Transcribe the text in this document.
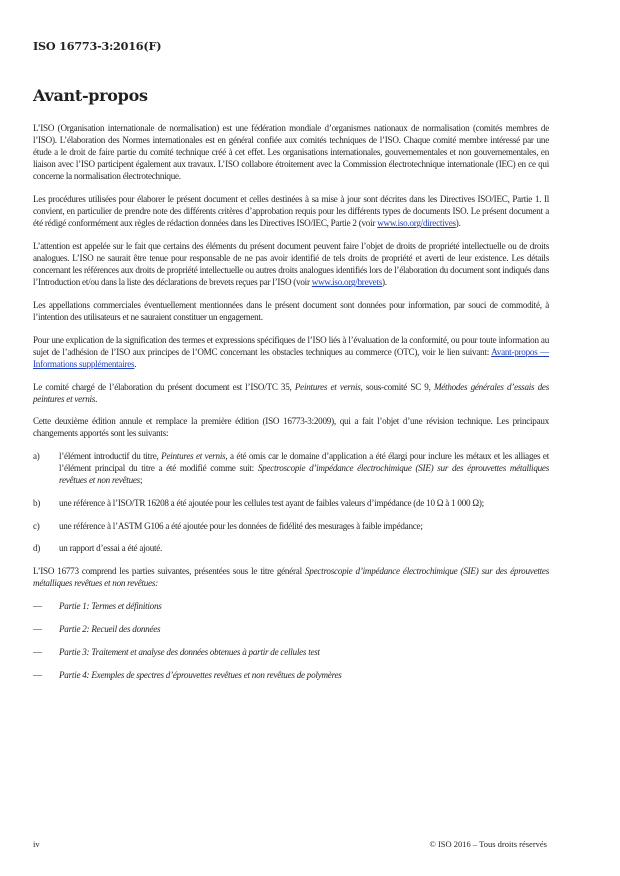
ISO 16773-3:2016(F)
Avant-propos

L’ISO (Organisation internationale de normalisation) est une fédération mondiale d’organismes nationaux de normalisation (comités membres de l’ISO). L’élaboration des Normes internationales est en général confiée aux comités techniques de l’ISO. Chaque comité membre intéressé par une étude a le droit de faire partie du comité technique créé à cet effet. Les organisations internationales, gouvernementales et non gouvernementales, en liaison avec l’ISO participent également aux travaux. L’ISO collabore étroitement avec la Commission électrotechnique internationale (IEC) en ce qui concerne la normalisation électrotechnique.

Les procédures utilisées pour élaborer le présent document et celles destinées à sa mise à jour sont décrites dans les Directives ISO/IEC, Partie 1. Il convient, en particulier de prendre note des différents critères d’approbation requis pour les différents types de documents ISO. Le présent document a été rédigé conformément aux règles de rédaction données dans les Directives ISO/IEC, Partie 2 (voir www.iso.org/directives).

L’attention est appelée sur le fait que certains des éléments du présent document peuvent faire l’objet de droits de propriété intellectuelle ou de droits analogues. L’ISO ne saurait être tenue pour responsable de ne pas avoir identifié de tels droits de propriété et averti de leur existence. Les détails concernant les références aux droits de propriété intellectuelle ou autres droits analogues identifiés lors de l’élaboration du document sont indiqués dans l’Introduction et/ou dans la liste des déclarations de brevets reçues par l’ISO (voir www.iso.org/brevets).

Les appellations commerciales éventuellement mentionnées dans le présent document sont données pour information, par souci de commodité, à l’intention des utilisateurs et ne sauraient constituer un engagement.

Pour une explication de la signification des termes et expressions spécifiques de l’ISO liés à l’évaluation de la conformité, ou pour toute information au sujet de l’adhésion de l’ISO aux principes de l’OMC concernant les obstacles techniques au commerce (OTC), voir le lien suivant: Avant-propos — Informations supplémentaires.

Le comité chargé de l’élaboration du présent document est l’ISO/TC 35, Peintures et vernis, sous-comité SC 9, Méthodes générales d’essais des peintures et vernis.

Cette deuxième édition annule et remplace la première édition (ISO 16773-3:2009), qui a fait l’objet d’une révision technique. Les principaux changements apportés sont les suivants:

a)	l’élément introductif du titre, Peintures et vernis, a été omis car le domaine d’application a été élargi pour inclure les métaux et les alliages et l’élément principal du titre a été modifié comme suit: Spectroscopie d’impédance électrochimique (SIE) sur des éprouvettes métalliques revêtues et non revêtues;
b)	une référence à l’ISO/TR 16208 a été ajoutée pour les cellules test ayant de faibles valeurs d’impédance (de 10 Ω à 1 000 Ω);
c)	une référence à l’ASTM G106 a été ajoutée pour les données de fidélité des mesurages à faible impédance;
d)	un rapport d’essai a été ajouté.

L’ISO 16773 comprend les parties suivantes, présentées sous le titre général Spectroscopie d’impédance électrochimique (SIE) sur des éprouvettes métalliques revêtues et non revêtues:

—	Partie 1: Termes et définitions
—	Partie 2: Recueil des données
—	Partie 3: Traitement et analyse des données obtenues à partir de cellules test
—	Partie 4: Exemples de spectres d’éprouvettes revêtues et non revêtues de polymères
iv	© ISO 2016 – Tous droits réservés
